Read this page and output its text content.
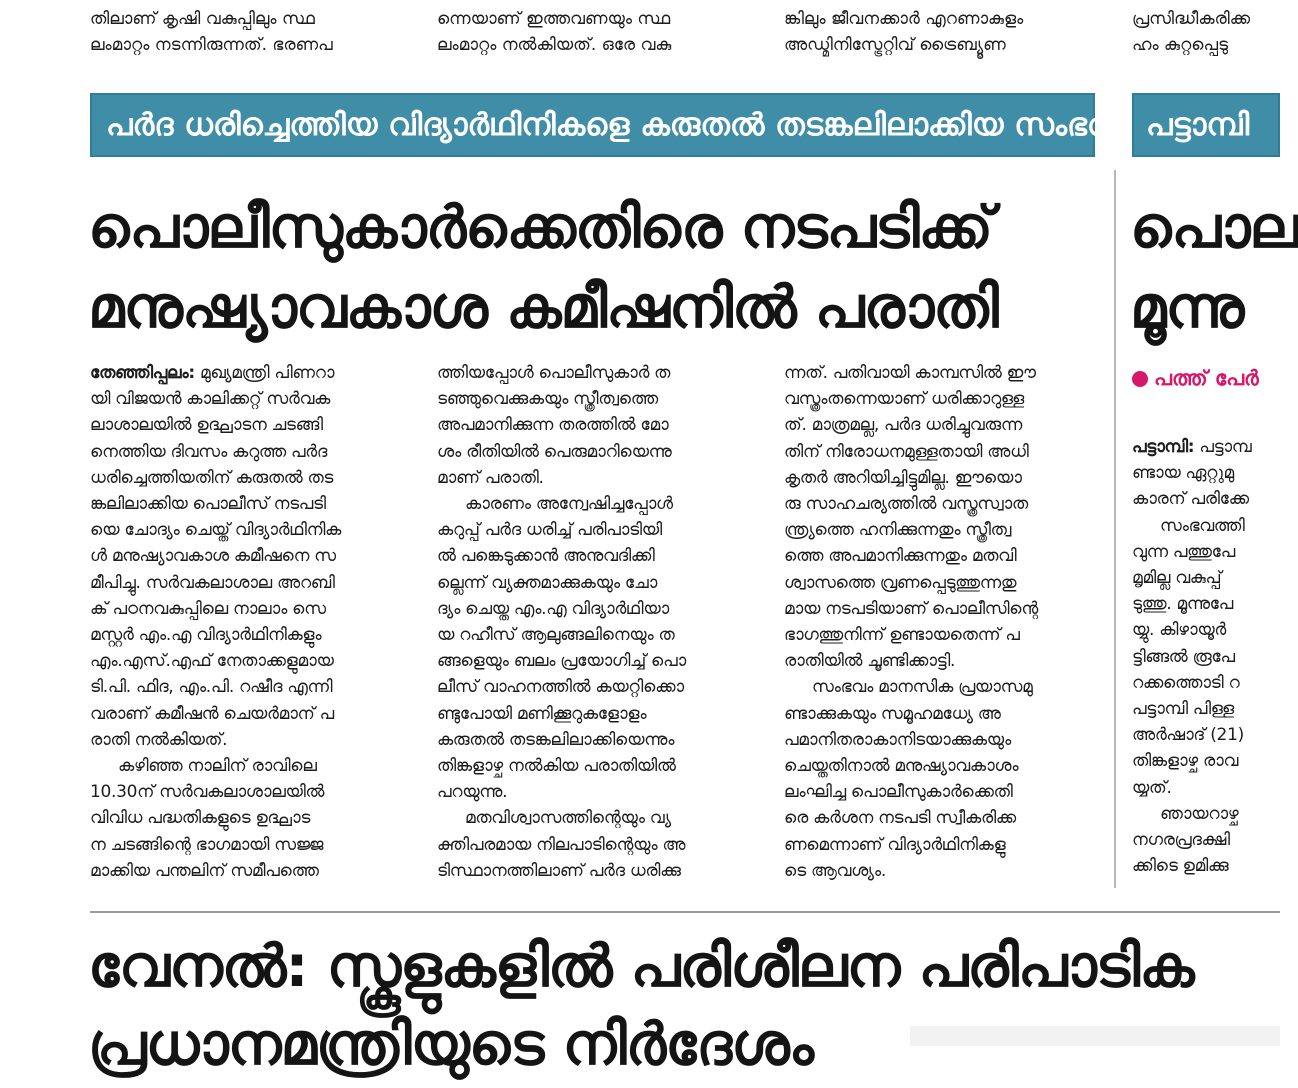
തിലാണ് കൃഷി വകുപ്പിലും സ്ഥ
ലംമാറ്റം നടന്നിരുന്നത്. ഭരണപ
ന്നെയാണ് ഇത്തവണയും സ്ഥ
ലംമാറ്റം നൽകിയത്. ഒരേ വകു
ങ്കിലും ജീവനക്കാർ എറണാകുളം
അഡ്മിനിസ്ട്രേറ്റിവ് ട്രൈബ്യൂണ
പ്രസിദ്ധീകരിക്ക
ഹം കുറ്റപ്പെടു
പർദ ധരിച്ചെത്തിയ വിദ്യാർഥിനികളെ കരുതൽ തടങ്കലിലാക്കിയ സംഭവം പട്ടാമ്പി
പൊലീസുകാർക്കെതിരെ നടപടിക്ക്
മനുഷ്യാവകാശ കമീഷനിൽ പരാതി
പൊല
മൂന്നു

തേഞ്ഞിപ്പലം: മുഖ്യമന്ത്രി പിണറാ

യി വിജയൻ കാലിക്കറ്റ് സർവക

ലാശാലയിൽ ഉദ്ഘാടന ചടങ്ങി

നെത്തിയ ദിവസം കറുത്ത പർദ

ധരിച്ചെത്തിയതിന് കരുതൽ തട

ങ്കലിലാക്കിയ പൊലീസ് നടപടി

യെ ചോദ്യം ചെയ്ത് വിദ്യാർഥിനിക

ൾ മനുഷ്യാവകാശ കമീഷനെ സ

മീപിച്ചു. സർവകലാശാല അറബി

ക് പഠനവകുപ്പിലെ നാലാം സെ

മസ്റ്റർ എം.എ വിദ്യാർഥിനികളും

എം.എസ്.എഫ് നേതാക്കളുമായ

ടി.പി. ഫിദ, എം.പി. റഷീദ എന്നി

വരാണ് കമീഷൻ ചെയർമാന് പ

രാതി നൽകിയത്.

കഴിഞ്ഞ നാലിന് രാവിലെ

10.30ന് സർവകലാശാലയിൽ

വിവിധ പദ്ധതികളുടെ ഉദ്ഘാട

ന ചടങ്ങിന്റെ ഭാഗമായി സജ്ജ

മാക്കിയ പന്തലിന് സമീപത്തെ

ത്തിയപ്പോൾ പൊലീസുകാർ ത

ടഞ്ഞുവെക്കുകയും സ്ത്രീത്വത്തെ

അപമാനിക്കുന്ന തരത്തിൽ മോ

ശം രീതിയിൽ പെരുമാറിയെന്നു

മാണ് പരാതി.

കാരണം അന്വേഷിച്ചപ്പോൾ

കറുപ്പ് പർദ ധരിച്ച് പരിപാടിയി

ൽ പങ്കെടുക്കാൻ അനുവദിക്കി

ല്ലെന്ന് വ്യക്തമാക്കുകയും ചോ

ദ്യം ചെയ്ത എം.എ വിദ്യാർഥിയാ

യ റഹീസ് ആലുങ്ങലിനെയും ത

ങ്ങളെയും ബലം പ്രയോഗിച്ച് പൊ

ലീസ് വാഹനത്തിൽ കയറ്റിക്കൊ

ണ്ടുപോയി മണിക്കൂറുകളോളം

കരുതൽ തടങ്കലിലാക്കിയെന്നും

തിങ്കളാഴ്ച നൽകിയ പരാതിയിൽ

പറയുന്നു.

മതവിശ്വാസത്തിന്റെയും വ്യ

ക്തിപരമായ നിലപാടിന്റെയും അ

ടിസ്ഥാനത്തിലാണ് പർദ ധരിക്കു

ന്നത്. പതിവായി കാമ്പസിൽ ഈ

വസ്ത്രംതന്നെയാണ് ധരിക്കാറുള്ള

ത്. മാത്രമല്ല, പർദ ധരിച്ചുവരുന്ന

തിന് നിരോധനമുള്ളതായി അധി

കൃതർ അറിയിച്ചിട്ടുമില്ല. ഈയൊ

രു സാഹചര്യത്തിൽ വസ്ത്രസ്വാത

ന്ത്ര്യത്തെ ഹനിക്കുന്നതും സ്ത്രീത്വ

ത്തെ അപമാനിക്കുന്നതും മതവി

ശ്വാസത്തെ വ്രണപ്പെടുത്തുന്നതു

മായ നടപടിയാണ് പൊലീസിന്റെ

ഭാഗത്തുനിന്ന് ഉണ്ടായതെന്ന് പ

രാതിയിൽ ചൂണ്ടിക്കാട്ടി.

സംഭവം മാനസിക പ്രയാസമു

ണ്ടാക്കുകയും സമൂഹമധ്യേ അ

പമാനിതരാകാനിടയാക്കുകയും

ചെയ്തതിനാൽ മനുഷ്യാവകാശം

ലംഘിച്ച പൊലീസുകാർക്കെതി

രെ കർശന നടപടി സ്വീകരിക്ക

ണമെന്നാണ് വിദ്യാർഥിനികളു

ടെ ആവശ്യം.

പത്ത് പേർ

പട്ടാമ്പി: പട്ടാമ്പ

ണ്ടായ ഏറ്റുമു

കാരന് പരിക്കേ

സംഭവത്തി

വുന്ന പത്തുപേ

മൃമില്ല വകുപ്പ്

ടുത്തു. മൂന്നുപേ

യ്യു. കിഴായൂർ

ട്ടിങ്ങൽ രൂപേ

റക്കത്തൊടി റ

പട്ടാമ്പി പിള്ള

അർഷാദ് (21)

തിങ്കളാഴ്ച രാവ

യ്യത്.

ഞായറാഴ്ച

നഗരപ്രദക്ഷി

ക്കിടെ ഉമിക്കു

വേനൽ: സ്കൂളുകളിൽ പരിശീലന പരിപാടിക
പ്രധാനമന്ത്രിയുടെ നിർദേശം
